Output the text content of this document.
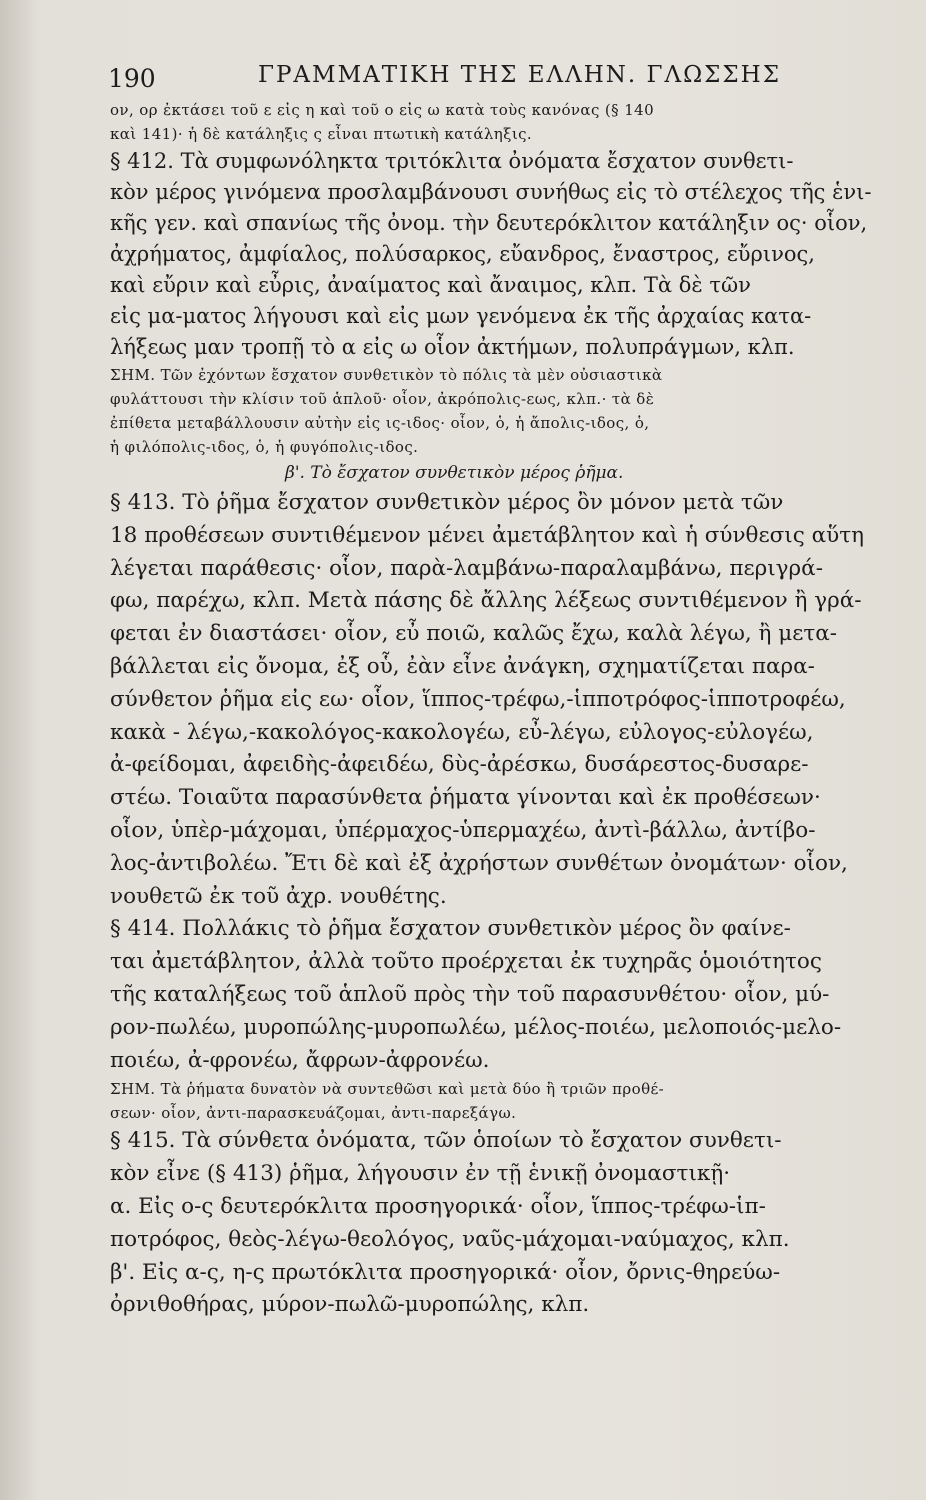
190	ΓΡΑΜΜΑΤΙΚΗ ΤΗΣ ΕΛΛΗΝ. ΓΛΩΣΣΗΣ

ον, ορ ἐκτάσει τοῦ ε εἰς η καὶ τοῦ ο εἰς ω κατὰ τοὺς κανόνας (§ 140

καὶ 141)· ἡ δὲ κατάληξις ς εἶναι πτωτικὴ κατάληξις.

§ 412. Τὰ συμφωνόληκτα τριτόκλιτα ὀνόματα ἔσχατον συνθετι-

κὸν μέρος γινόμενα προσλαμβάνουσι συνήθως εἰς τὸ στέλεχος τῆς ἑνι-

κῆς γεν. καὶ σπανίως τῆς ὀνομ. τὴν δευτερόκλιτον κατάληξιν ος· οἷον,

ἀχρήματος, ἀμφίαλος, πολύσαρκος, εὔανδρος, ἔναστρος, εὔρινος,

καὶ εὔριν καὶ εὖρις, ἀναίματος καὶ ἄναιμος, κλπ. Τὰ δὲ τῶν

εἰς μα-ματος λήγουσι καὶ εἰς μων γενόμενα ἐκ τῆς ἀρχαίας κατα-

λήξεως μαν τροπῇ τὸ α εἰς ω οἷον ἀκτήμων, πολυπράγμων, κλπ.

ΣΗΜ. Τῶν ἐχόντων ἔσχατον συνθετικὸν τὸ πόλις τὰ μὲν οὐσιαστικὰ

φυλάττουσι τὴν κλίσιν τοῦ ἁπλοῦ· οἷον, ἀκρόπολις-εως, κλπ.· τὰ δὲ

ἐπίθετα μεταβάλλουσιν αὐτὴν εἰς ις-ιδος· οἷον, ὁ, ἡ ἄπολις-ιδος, ὁ,

ἡ φιλόπολις-ιδος, ὁ, ἡ φυγόπολις-ιδος.

β'. Τὸ ἔσχατον συνθετικὸν μέρος ῥῆμα.

§ 413. Τὸ ῥῆμα ἔσχατον συνθετικὸν μέρος ὂν μόνον μετὰ τῶν

18 προθέσεων συντιθέμενον μένει ἀμετάβλητον καὶ ἡ σύνθεσις αὕτη

λέγεται παράθεσις· οἷον, παρὰ-λαμβάνω-παραλαμβάνω, περιγρά-

φω, παρέχω, κλπ. Μετὰ πάσης δὲ ἄλλης λέξεως συντιθέμενον ἢ γρά-

φεται ἐν διαστάσει· οἷον, εὖ ποιῶ, καλῶς ἔχω, καλὰ λέγω, ἢ μετα-

βάλλεται εἰς ὄνομα, ἐξ οὗ, ἐὰν εἶνε ἀνάγκη, σχηματίζεται παρα-

σύνθετον ῥῆμα εἰς εω· οἷον, ἵππος-τρέφω,-ἱπποτρόφος-ἱπποτροφέω,

κακὰ - λέγω,-κακολόγος-κακολογέω, εὖ-λέγω, εὐλογος-εὐλογέω,

ἀ-φείδομαι, ἀφειδὴς-ἀφειδέω, δὺς-ἀρέσκω, δυσάρεστος-δυσαρε-

στέω. Τοιαῦτα παρασύνθετα ῥήματα γίνονται καὶ ἐκ προθέσεων·

οἷον, ὑπὲρ-μάχομαι, ὑπέρμαχος-ὑπερμαχέω, ἀντὶ-βάλλω, ἀντίβο-

λος-ἀντιβολέω. Ἔτι δὲ καὶ ἐξ ἀχρήστων συνθέτων ὀνομάτων· οἷον,

νουθετῶ ἐκ τοῦ ἀχρ. νουθέτης.

§ 414. Πολλάκις τὸ ῥῆμα ἔσχατον συνθετικὸν μέρος ὂν φαίνε-

ται ἀμετάβλητον, ἀλλὰ τοῦτο προέρχεται ἐκ τυχηρᾶς ὁμοιότητος

τῆς καταλήξεως τοῦ ἁπλοῦ πρὸς τὴν τοῦ παρασυνθέτου· οἷον, μύ-

ρον-πωλέω, μυροπώλης-μυροπωλέω, μέλος-ποιέω, μελοποιός-μελο-

ποιέω, ἀ-φρονέω, ἄφρων-ἀφρονέω.

ΣΗΜ. Τὰ ῥήματα δυνατὸν νὰ συντεθῶσι καὶ μετὰ δύο ἢ τριῶν προθέ-

σεων· οἷον, ἀντι-παρασκευάζομαι, ἀντι-παρεξάγω.

§ 415. Τὰ σύνθετα ὀνόματα, τῶν ὁποίων τὸ ἔσχατον συνθετι-

κὸν εἶνε (§ 413) ῥῆμα, λήγουσιν ἐν τῇ ἑνικῇ ὀνομαστικῇ·

α. Εἰς ο-ς δευτερόκλιτα προσηγορικά· οἷον, ἵππος-τρέφω-ἱπ-

ποτρόφος, θεὸς-λέγω-θεολόγος, ναῦς-μάχομαι-ναύμαχος, κλπ.

β'. Εἰς α-ς, η-ς πρωτόκλιτα προσηγορικά· οἷον, ὄρνις-θηρεύω-

ὀρνιθοθήρας, μύρον-πωλῶ-μυροπώλης, κλπ.
